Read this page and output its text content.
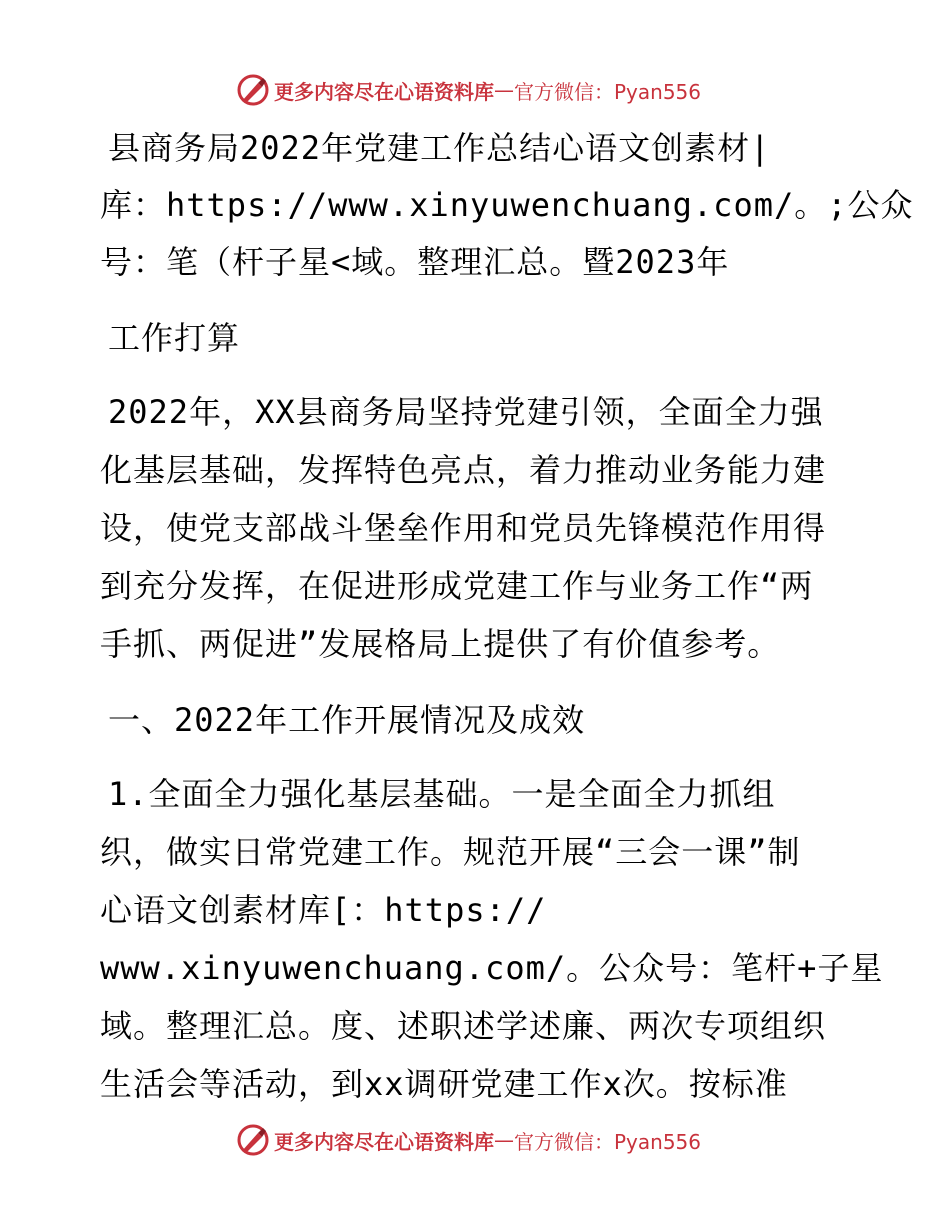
更多内容尽在心语资料库 — 官方微信：Pyan556
县商务局2022年党建工作总结心语文创素材|
库：https://www.xinyuwenchuang.com/。;公众
号：笔（杆子星<域。整理汇总。暨2023年
工作打算
2022年，XX县商务局坚持党建引领，全面全力强
化基层基础，发挥特色亮点，着力推动业务能力建
设，使党支部战斗堡垒作用和党员先锋模范作用得
到充分发挥，在促进形成党建工作与业务工作“两
手抓、两促进”发展格局上提供了有价值参考。
一、2022年工作开展情况及成效
1.全面全力强化基层基础。一是全面全力抓组
织，做实日常党建工作。规范开展“三会一课”制
心语文创素材库[：https://
www.xinyuwenchuang.com/。公众号：笔杆+子星
域。整理汇总。度、述职述学述廉、两次专项组织
生活会等活动，到xx调研党建工作x次。按标准
更多内容尽在心语资料库 — 官方微信：Pyan556
